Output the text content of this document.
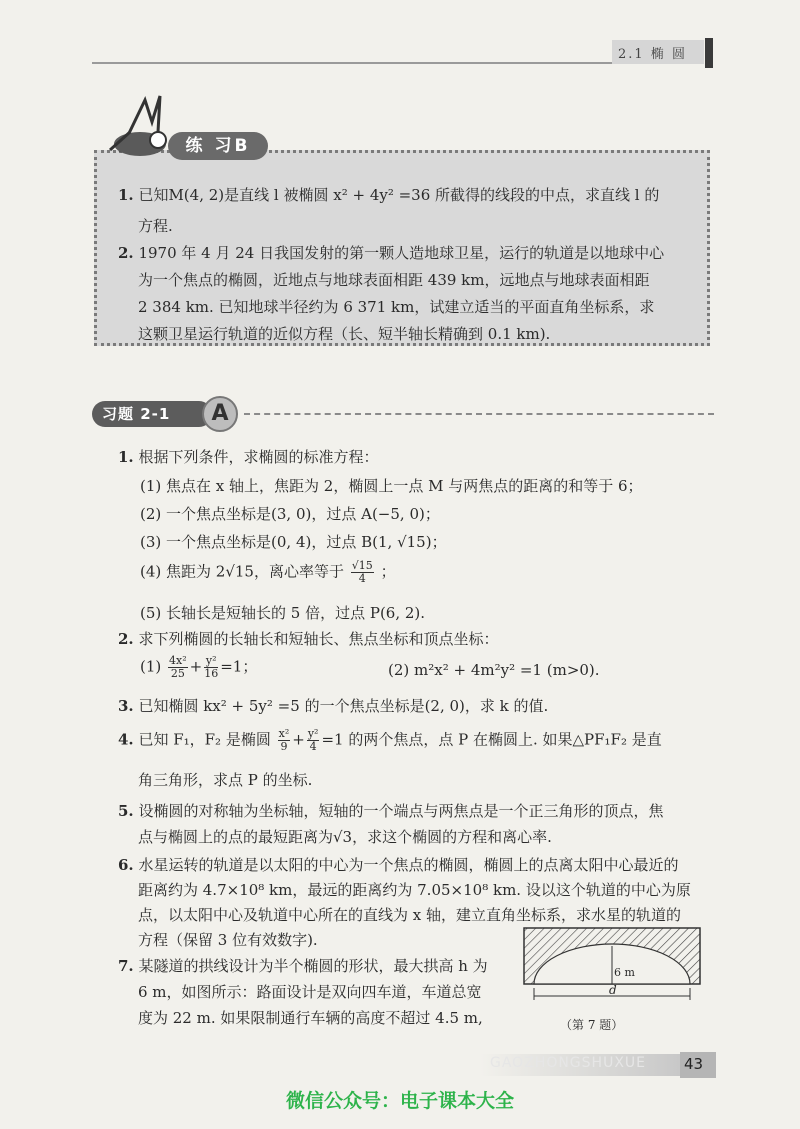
2.1 椭 圆
练 习B
1. 已知M(4, 2)是直线 l 被椭圆 x² + 4y² =36 所截得的线段的中点，求直线 l 的
方程.
2. 1970 年 4 月 24 日我国发射的第一颗人造地球卫星，运行的轨道是以地球中心
为一个焦点的椭圆，近地点与地球表面相距 439 km，远地点与地球表面相距
2 384 km. 已知地球半径约为 6 371 km，试建立适当的平面直角坐标系，求
这颗卫星运行轨道的近似方程（长、短半轴长精确到 0.1 km).
习题 2-1	A
1. 根据下列条件，求椭圆的标准方程：
(1) 焦点在 x 轴上，焦距为 2，椭圆上一点 M 与两焦点的距离的和等于 6；
(2) 一个焦点坐标是(3, 0)，过点 A(−5, 0)；
(3) 一个焦点坐标是(0, 4)，过点 B(1, √15)；
(4) 焦距为 2√15，离心率等于 $\frac{√15}{4}$ ；
(5) 长轴长是短轴长的 5 倍，过点 P(6, 2).
2. 求下列椭圆的长轴长和短轴长、焦点坐标和顶点坐标：
$(1) \frac{\text{4x²}}{25} + \frac{\text{y²}}{16} =1$；	(2) m²x² + 4m²y² =1 (m>0).
3. 已知椭圆 kx² + 5y² =5 的一个焦点坐标是(2, 0)，求 k 的值.
4. 已知 F₁，F₂ 是椭圆 $\frac{\text{x²}}{9} + \frac{\text{y²}}{4} =1$ 的两个焦点，点 P 在椭圆上. 如果△PF₁F₂ 是直
角三角形，求点 P 的坐标.
5. 设椭圆的对称轴为坐标轴，短轴的一个端点与两焦点是一个正三角形的顶点，焦
点与椭圆上的点的最短距离为√3，求这个椭圆的方程和离心率.
6. 水星运转的轨道是以太阳的中心为一个焦点的椭圆，椭圆上的点离太阳中心最近的
距离约为 4.7×10⁸ km，最远的距离约为 7.05×10⁸ km. 设以这个轨道的中心为原
点，以太阳中心及轨道中心所在的直线为 x 轴，建立直角坐标系，求水星的轨道的
方程（保留 3 位有效数字).
7. 某隧道的拱线设计为半个椭圆的形状，最大拱高 h 为
6 m，如图所示：路面设计是双向四车道，车道总宽
度为 22 m. 如果限制通行车辆的高度不超过 4.5 m,
6 m
d
（第 7 题）
GAOZHONGSHUXUE	43
微信公众号：电子课本大全
